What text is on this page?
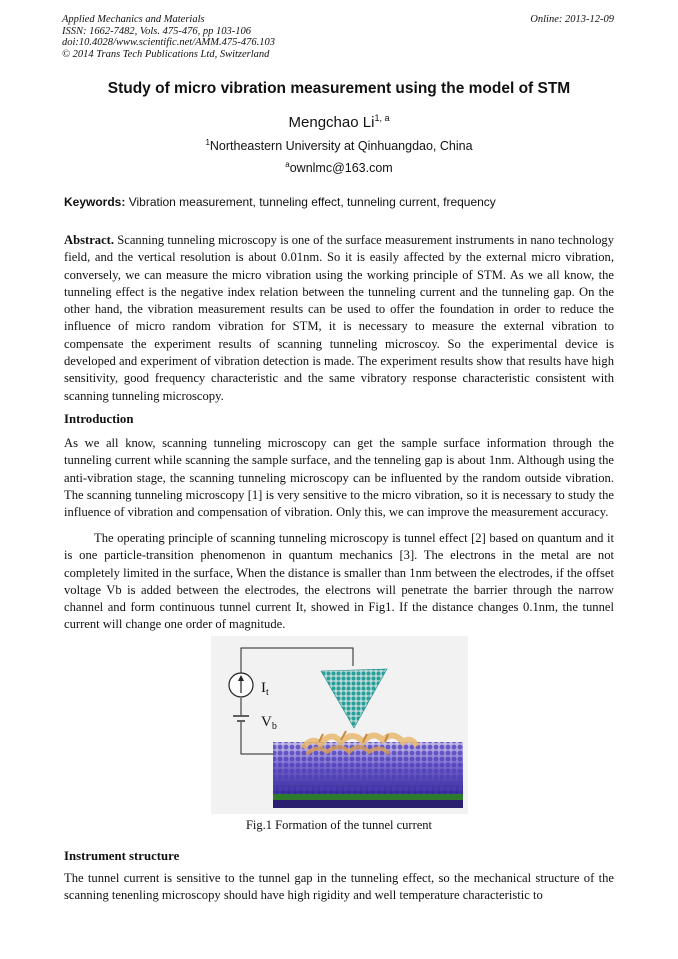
Applied Mechanics and Materials
ISSN: 1662-7482, Vols. 475-476, pp 103-106
doi:10.4028/www.scientific.net/AMM.475-476.103
© 2014 Trans Tech Publications Ltd, Switzerland
Online: 2013-12-09
Study of micro vibration measurement using the model of STM
Mengchao Li$^{1, a}$
$^1$Northeastern University at Qinhuangdao, China
$^a$ownlmc@163.com
Keywords: Vibration measurement, tunneling effect, tunneling current, frequency
Abstract. Scanning tunneling microscopy is one of the surface measurement instruments in nano technology field, and the vertical resolution is about 0.01nm. So it is easily affected by the external micro vibration, conversely, we can measure the micro vibration using the working principle of STM. As we all know, the tunneling effect is the negative index relation between the tunneling current and the tunneling gap. On the other hand, the vibration measurement results can be used to offer the foundation in order to reduce the influence of micro random vibration for STM, it is necessary to measure the external vibration to compensate the experiment results of scanning tunneling microscoy. So the experimental device is developed and experiment of vibration detection is made. The experiment results show that results have high sensitivity, good frequency characteristic and the same vibratory response characteristic consistent with scanning tunneling microscopy.
Introduction
As we all know, scanning tunneling microscopy can get the sample surface information through the tunneling current while scanning the sample surface, and the tenneling gap is about 1nm. Although using the anti-vibration stage, the scanning tunneling microscopy can be influented by the random outside vibration. The scanning tunneling microscopy [1] is very sensitive to the micro vibration, so it is necessary to study the influence of vibration and compensation of vibration. Only this, we can improve the measurement accuracy.
The operating principle of scanning tunneling microscopy is tunnel effect [2] based on quantum and it is one particle-transition phenomenon in quantum mechanics [3]. The electrons in the metal are not completely limited in the surface, When the distance is smaller than 1nm between the electrodes, if the offset voltage Vb is added between the electrodes, the electrons will penetrate the barrier through the narrow channel and form continuous tunnel current It, showed in Fig1. If the distance changes 0.1nm, the tunnel current will change one order of magnitude.
$I_t$
$V_b$
Fig.1 Formation of the tunnel current
Instrument structure
The tunnel current is sensitive to the tunnel gap in the tunneling effect, so the mechanical structure of the scanning tenenling microscopy should have high rigidity and well temperature characteristic to
